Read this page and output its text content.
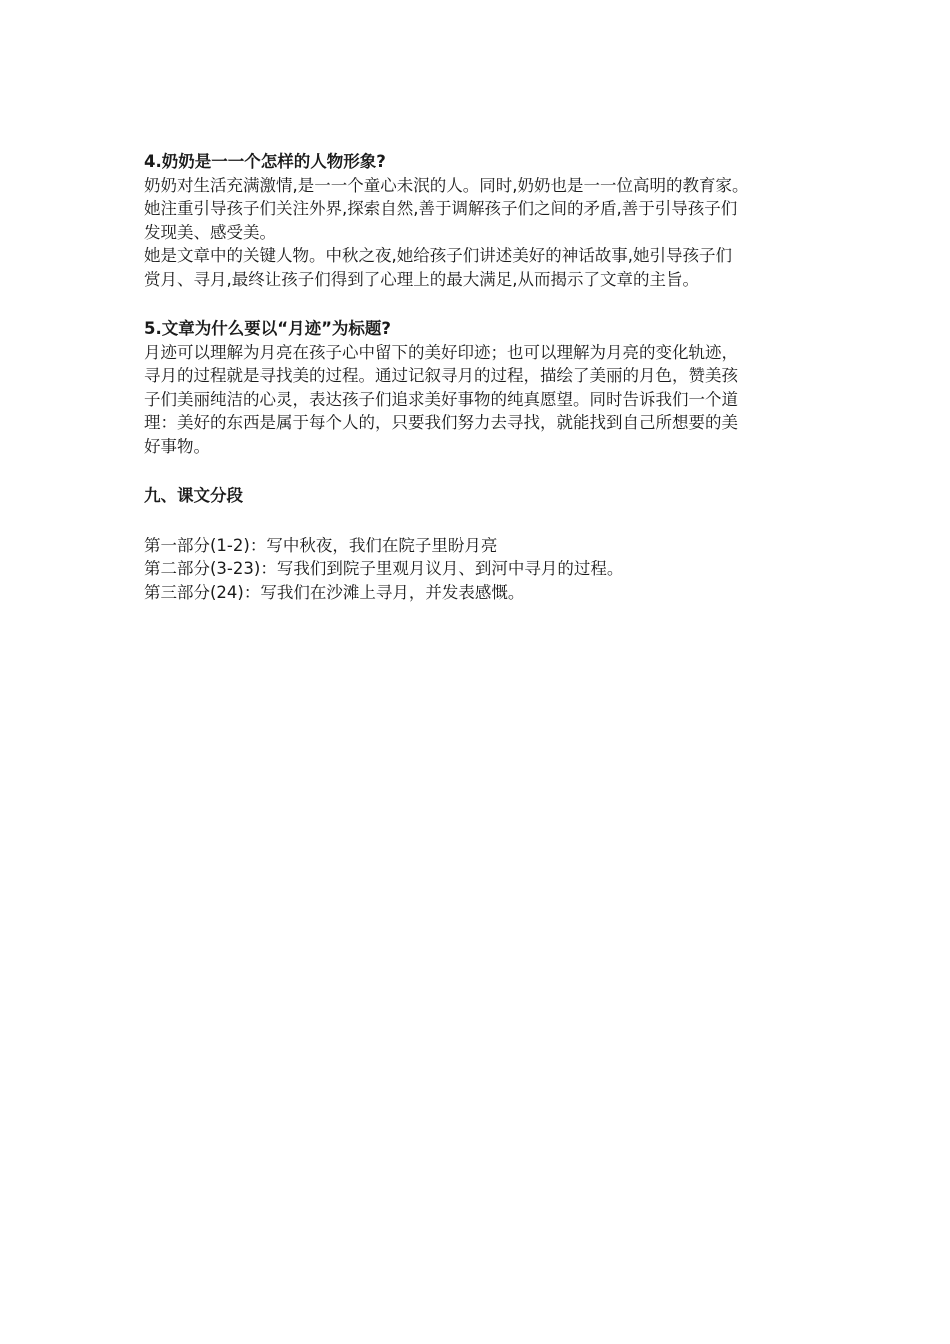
4.奶奶是一一个怎样的人物形象?

奶奶对生活充满激情,是一一个童心未泯的人。同时,奶奶也是一一位高明的教育家。

她注重引导孩子们关注外界,探索自然,善于调解孩子们之间的矛盾,善于引导孩子们

发现美、感受美。

她是文章中的关键人物。中秋之夜,她给孩子们讲述美好的神话故事,她引导孩子们

赏月、寻月,最终让孩子们得到了心理上的最大满足,从而揭示了文章的主旨。

5.文章为什么要以“月迹”为标题?

月迹可以理解为月亮在孩子心中留下的美好印迹；也可以理解为月亮的变化轨迹，

寻月的过程就是寻找美的过程。通过记叙寻月的过程，描绘了美丽的月色，赞美孩

子们美丽纯洁的心灵，表达孩子们追求美好事物的纯真愿望。同时告诉我们一个道

理：美好的东西是属于每个人的，只要我们努力去寻找，就能找到自己所想要的美

好事物。

九、课文分段

第一部分(1-2)：写中秋夜，我们在院子里盼月亮

第二部分(3-23)：写我们到院子里观月议月、到河中寻月的过程。

第三部分(24)：写我们在沙滩上寻月，并发表感慨。
